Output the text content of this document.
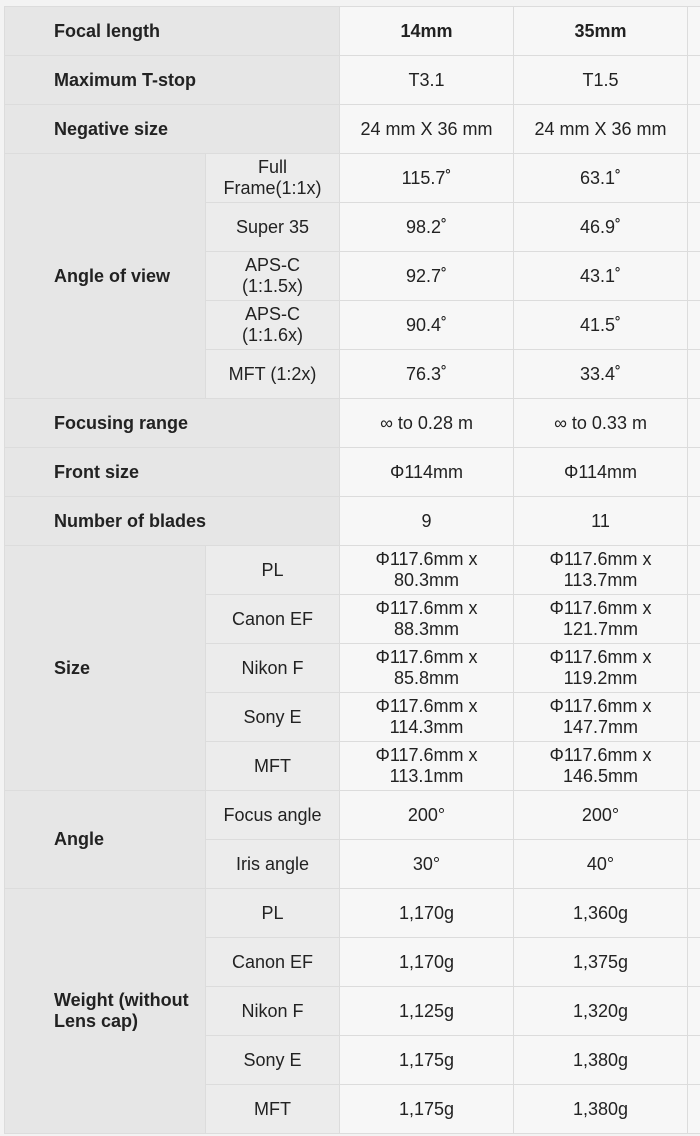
Focal length		14mm	35mm	
Maximum T-stop		T3.1	T1.5	
Negative size		24 mm X 36 mm	24 mm X 36 mm	
Angle of view	Full Frame(1:1x)	115.7˚	63.1˚	
	Super 35	98.2˚	46.9˚	
	APS-C (1:1.5x)	92.7˚	43.1˚	
	APS-C (1:1.6x)	90.4˚	41.5˚	
	MFT (1:2x)	76.3˚	33.4˚	
Focusing range		∞ to 0.28 m	∞ to 0.33 m	
Front size		Φ114mm	Φ114mm	
Number of blades		9	11	
Size	PL	Φ117.6mm x 80.3mm	Φ117.6mm x 113.7mm	
	Canon EF	Φ117.6mm x 88.3mm	Φ117.6mm x 121.7mm	
	Nikon F	Φ117.6mm x 85.8mm	Φ117.6mm x 119.2mm	
	Sony E	Φ117.6mm x 114.3mm	Φ117.6mm x 147.7mm	
	MFT	Φ117.6mm x 113.1mm	Φ117.6mm x 146.5mm	
Angle	Focus angle	200°	200°	
	Iris angle	30°	40°	
Weight (without Lens cap)	PL	1,170g	1,360g	
	Canon EF	1,170g	1,375g	
	Nikon F	1,125g	1,320g	
	Sony E	1,175g	1,380g	
	MFT	1,175g	1,380g	
